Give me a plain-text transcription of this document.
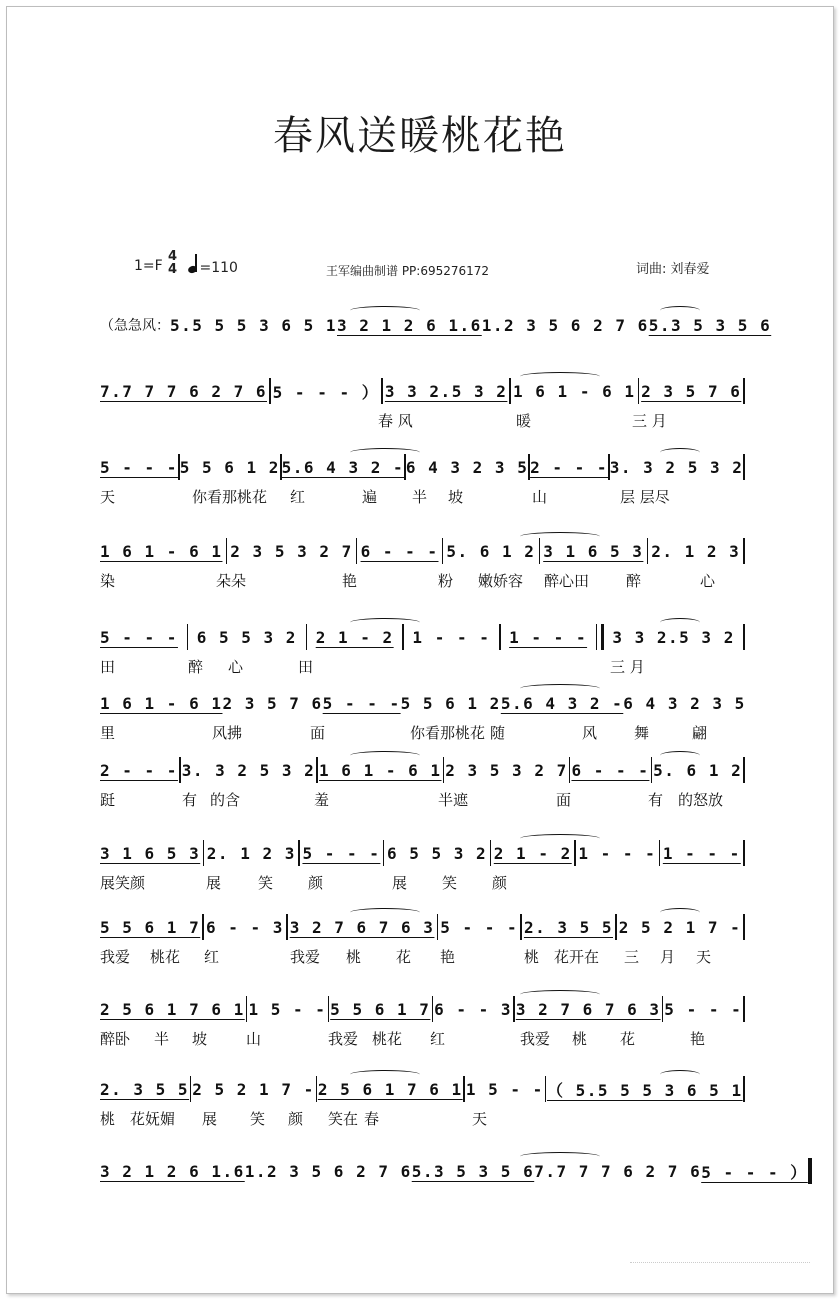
春风送暖桃花艳
1=F
4
4	=110	王军编曲制谱 PP:695276172	词曲: 刘春爱
（急急风： 5.5 5 5 3 6 5 1 3 2 1 2 6 1.6 1.2 3 5 6 2 7 6 5.3 5 3 5 6
7.7 7 7 6 2 7 6 5 - - - ） 3 3 2.5 3 2 1 6 1 - 6 1 2 3 5 7 6
春 风	暖	三 月
5 - - - 5 5 6 1 2 5.6 4 3 2 - 6 4 3 2 3 5 2 - - - 3. 3 2 5 3 2
天	你看那桃花 红	遍 半 坡	山	层 层尽
1 6 1 - 6 1 2 3 5 3 2 7 6 - - - 5. 6 1 2 3 1 6 5 3 2. 1 2 3
染	朵朵	艳	粉 嫩娇容 醉心田 醉	心
5 - - - 6 5 5 3 2 2 1 - 2 1 - - - 1 - - - 3 3 2.5 3 2
田	醉 心	田	三 月
1 6 1 - 6 1 2 3 5 7 6 5 - - - 5 5 6 1 2 5.6 4 3 2 - 6 4 3 2 3 5
里	风拂	面	你看那桃花 随	风 舞	翩
2 - - - 3. 3 2 5 3 2 1 6 1 - 6 1 2 3 5 3 2 7 6 - - - 5. 6 1 2
跹	有 的含	羞	半遮	面	有 的怒放
3 1 6 5 3 2. 1 2 3 5 - - - 6 5 5 3 2 2 1 - 2 1 - - - 1 - - -
展笑颜	展 笑 颜	展 笑 颜
5 5 6 1 7 6 - - 3 3 2 7 6 7 6 3 5 - - - 2. 3 5 5 2 5 2 1 7 -
我爱 桃花 红	我爱 桃 花 艳	桃 花开在 三 月 天
2 5 6 1 7 6 1 1 5 - - 5 5 6 1 7 6 - - 3 3 2 7 6 7 6 3 5 - - -
醉卧 半 坡	山	我爱 桃花 红	我爱 桃 花	艳
2. 3 5 5 2 5 2 1 7 - 2 5 6 1 7 6 1 1 5 - - （ 5.5 5 5 3 6 5 1
桃 花妩媚 展 笑 颜 笑在 春	天
3 2 1 2 6 1.6 1.2 3 5 6 2 7 6 5.3 5 3 5 6 7.7 7 7 6 2 7 6 5 - - - ）
